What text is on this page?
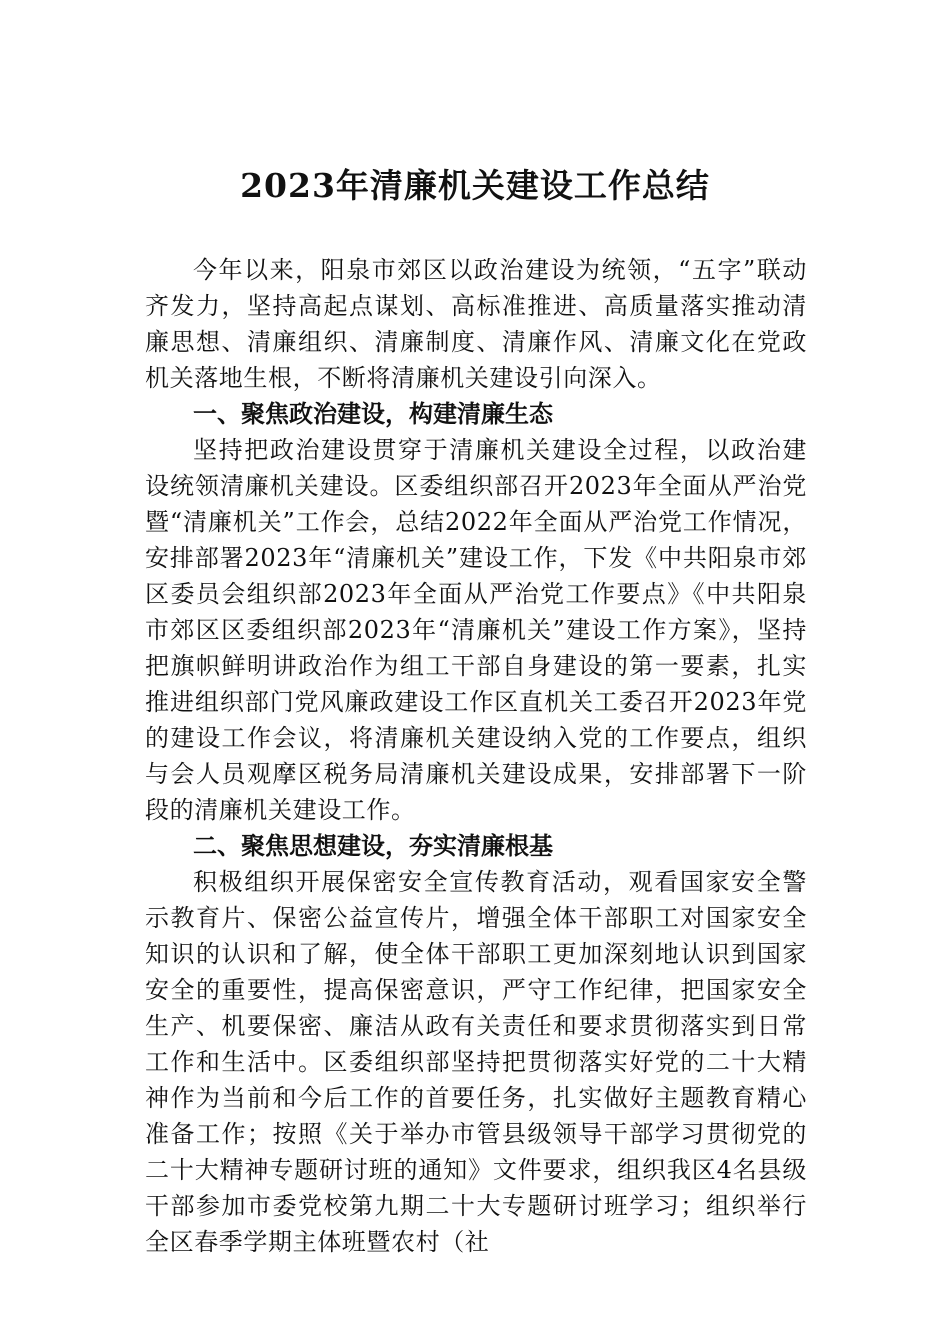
2023年清廉机关建设工作总结

今年以来，阳泉市郊区以政治建设为统领，“五字”联动齐发力，坚持高起点谋划、高标准推进、高质量落实推动清廉思想、清廉组织、清廉制度、清廉作风、清廉文化在党政机关落地生根，不断将清廉机关建设引向深入。

一、聚焦政治建设，构建清廉生态

坚持把政治建设贯穿于清廉机关建设全过程，以政治建设统领清廉机关建设。区委组织部召开2023年全面从严治党暨“清廉机关”工作会，总结2022年全面从严治党工作情况，安排部署2023年“清廉机关”建设工作，下发《中共阳泉市郊区委员会组织部2023年全面从严治党工作要点》《中共阳泉市郊区区委组织部2023年“清廉机关”建设工作方案》，坚持把旗帜鲜明讲政治作为组工干部自身建设的第一要素，扎实推进组织部门党风廉政建设工作区直机关工委召开2023年党的建设工作会议，将清廉机关建设纳入党的工作要点，组织与会人员观摩区税务局清廉机关建设成果，安排部署下一阶段的清廉机关建设工作。

二、聚焦思想建设，夯实清廉根基

积极组织开展保密安全宣传教育活动，观看国家安全警示教育片、保密公益宣传片，增强全体干部职工对国家安全知识的认识和了解，使全体干部职工更加深刻地认识到国家安全的重要性，提高保密意识，严守工作纪律，把国家安全生产、机要保密、廉洁从政有关责任和要求贯彻落实到日常工作和生活中。区委组织部坚持把贯彻落实好党的二十大精神作为当前和今后工作的首要任务，扎实做好主题教育精心准备工作；按照《关于举办市管县级领导干部学习贯彻党的二十大精神专题研讨班的通知》文件要求，组织我区4名县级干部参加市委党校第九期二十大专题研讨班学习；组织举行全区春季学期主体班暨农村（社
